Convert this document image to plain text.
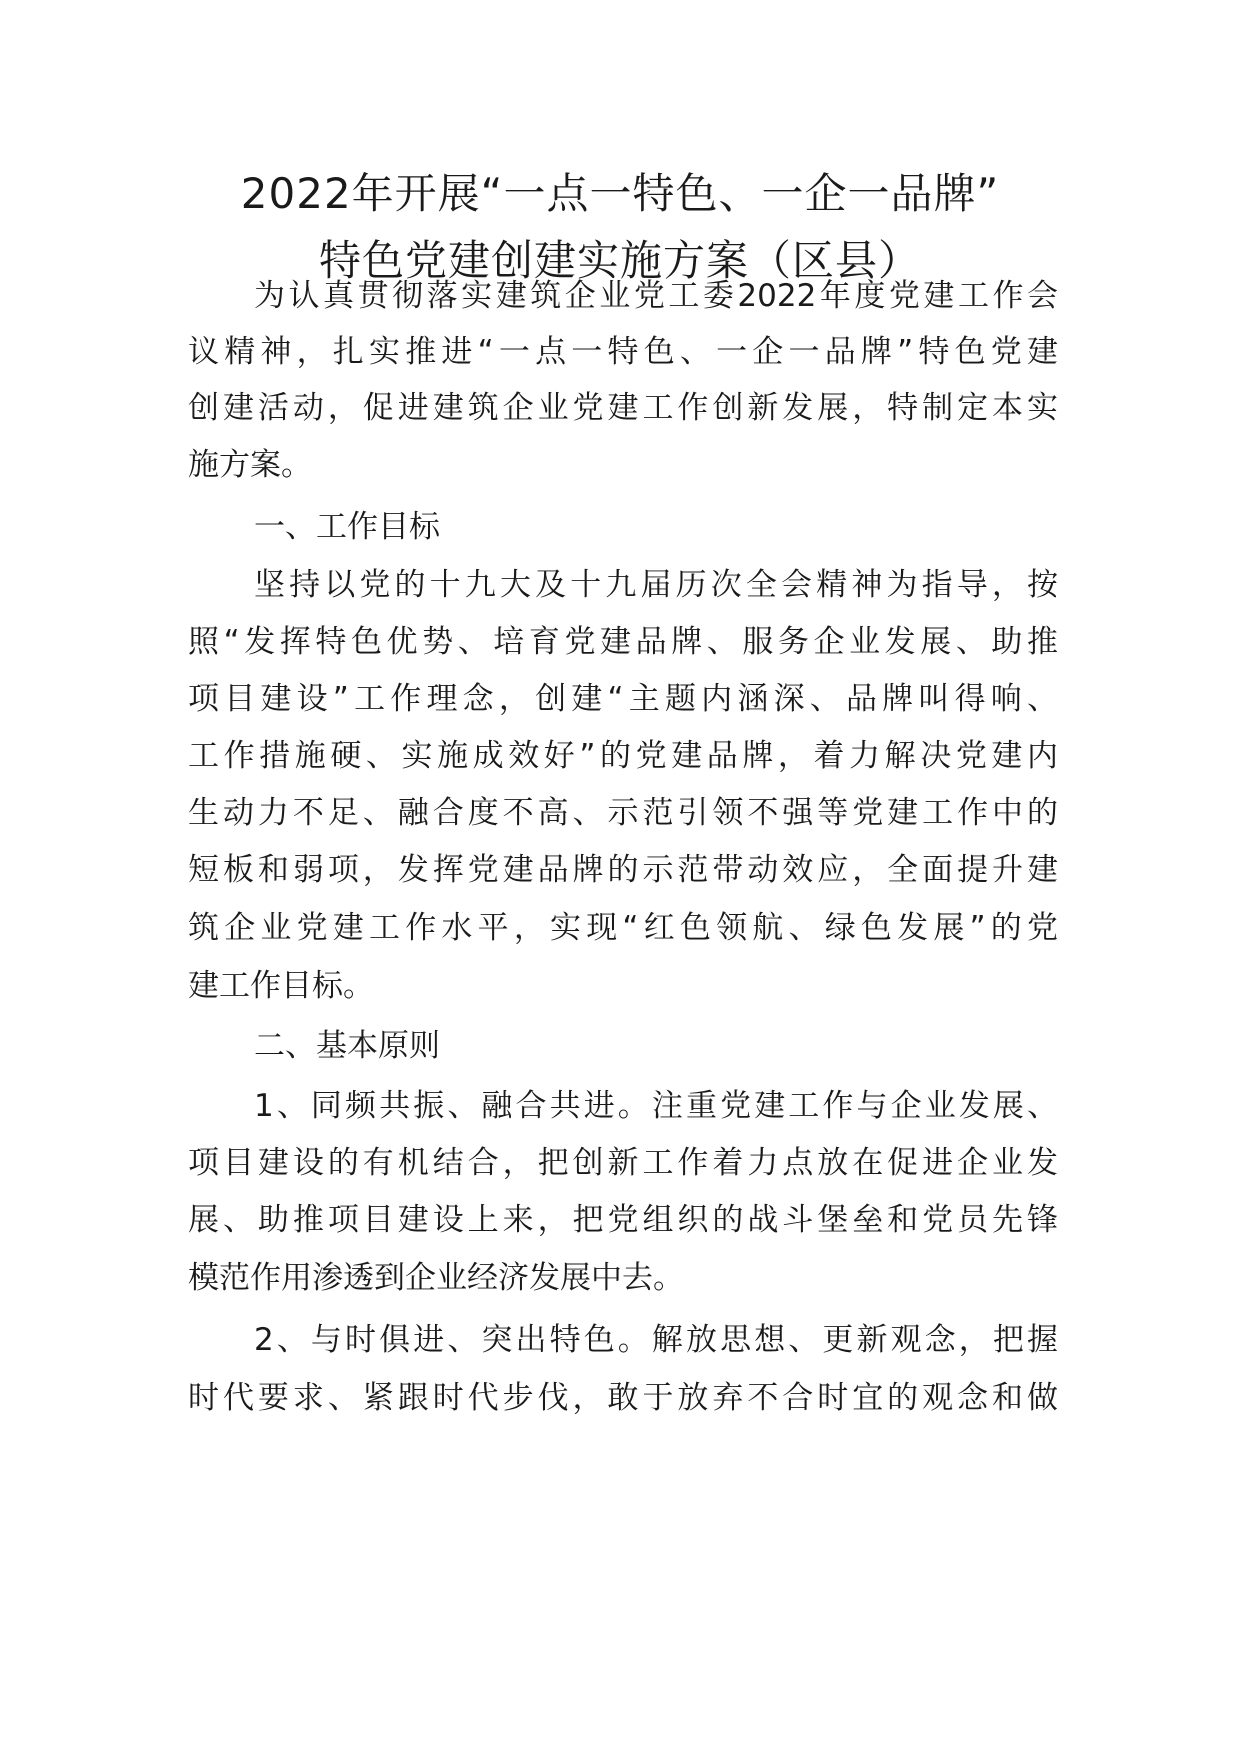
2022年开展“一点一特色、一企一品牌”
特色党建创建实施方案（区县）
为认真贯彻落实建筑企业党工委2022年度党建工作会
议精神，扎实推进“一点一特色、一企一品牌”特色党建
创建活动，促进建筑企业党建工作创新发展，特制定本实
施方案。
一、工作目标
坚持以党的十九大及十九届历次全会精神为指导，按
照“发挥特色优势、培育党建品牌、服务企业发展、助推
项目建设”工作理念，创建“主题内涵深、品牌叫得响、
工作措施硬、实施成效好”的党建品牌，着力解决党建内
生动力不足、融合度不高、示范引领不强等党建工作中的
短板和弱项，发挥党建品牌的示范带动效应，全面提升建
筑企业党建工作水平，实现“红色领航、绿色发展”的党
建工作目标。
二、基本原则
1、同频共振、融合共进。注重党建工作与企业发展、
项目建设的有机结合，把创新工作着力点放在促进企业发
展、助推项目建设上来，把党组织的战斗堡垒和党员先锋
模范作用渗透到企业经济发展中去。
2、与时俱进、突出特色。解放思想、更新观念，把握
时代要求、紧跟时代步伐，敢于放弃不合时宜的观念和做
